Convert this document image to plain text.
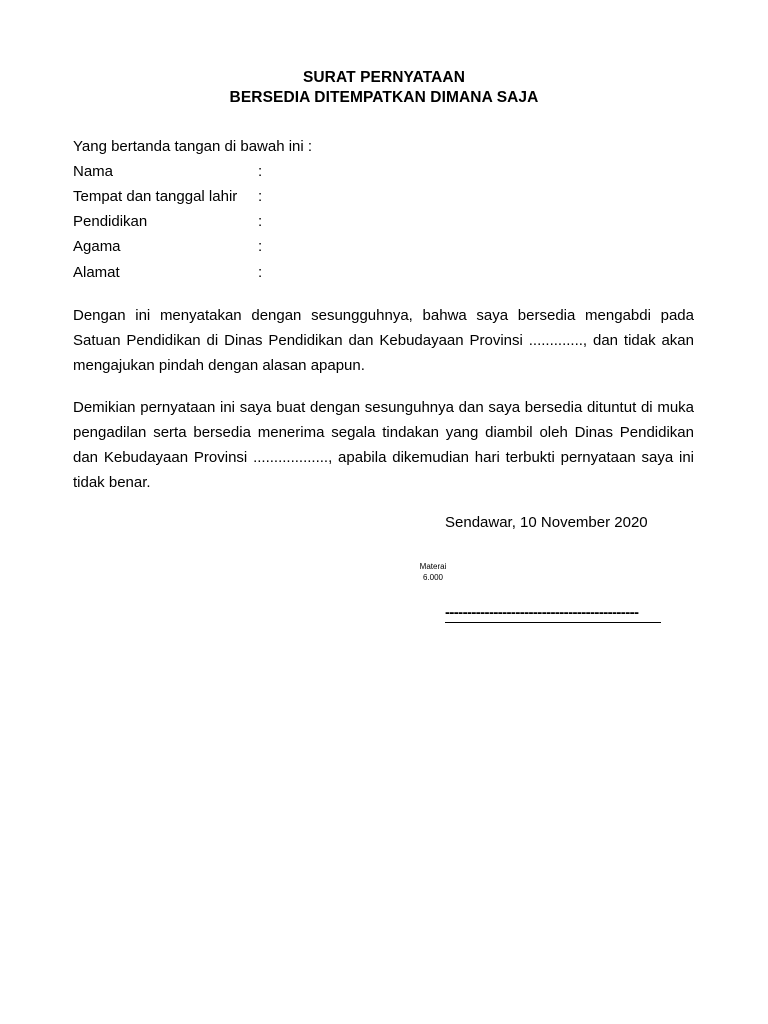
SURAT PERNYATAAN
BERSEDIA DITEMPATKAN DIMANA SAJA
Yang bertanda tangan di bawah ini :
Nama	:
Tempat dan tanggal lahir :
Pendidikan	:
Agama	:
Alamat	:
Dengan ini menyatakan dengan sesungguhnya, bahwa saya bersedia mengabdi pada Satuan Pendidikan di Dinas Pendidikan dan Kebudayaan Provinsi ............., dan tidak akan mengajukan pindah dengan alasan apapun.
Demikian pernyataan ini saya buat dengan sesunguhnya dan saya bersedia dituntut di muka pengadilan serta bersedia menerima segala tindakan yang diambil oleh Dinas Pendidikan dan Kebudayaan Provinsi .................., apabila dikemudian hari terbukti pernyataan saya ini tidak benar.
Sendawar, 10 November 2020
Materai
6.000
--------------------------------------------
